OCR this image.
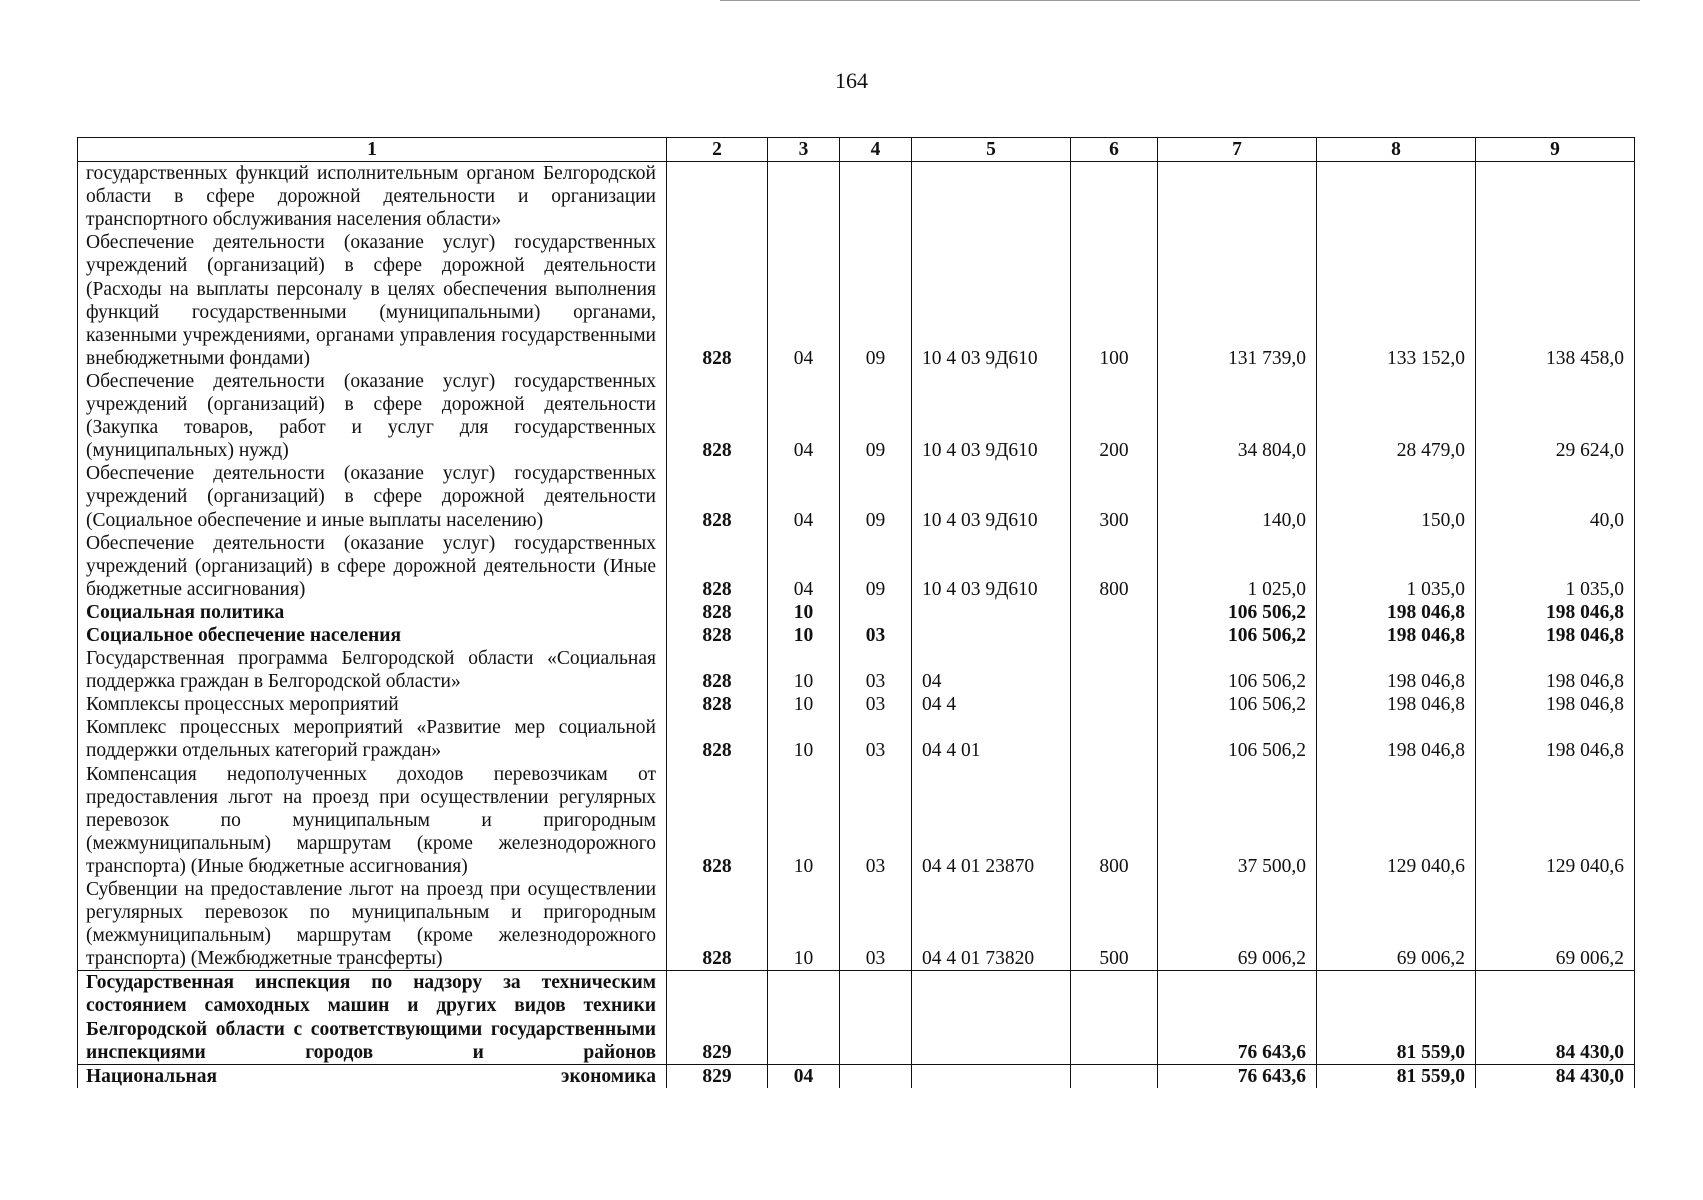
164
1	2	3	4	5	6	7	8	9
государственных функций исполнительным органом Белгородской области в сфере дорожной деятельности и организации транспортного обслуживания населения области»								
Обеспечение деятельности (оказание услуг) государственных учреждений (организаций) в сфере дорожной деятельности (Расходы на выплаты персоналу в целях обеспечения выполнения функций государственными (муниципальными) органами, казенными учреждениями, органами управления государственными внебюджетными фондами)	828	04	09	10 4 03 9Д610	100	131 739,0	133 152,0	138 458,0
Обеспечение деятельности (оказание услуг) государственных учреждений (организаций) в сфере дорожной деятельности (Закупка товаров, работ и услуг для государственных (муниципальных) нужд)	828	04	09	10 4 03 9Д610	200	34 804,0	28 479,0	29 624,0
Обеспечение деятельности (оказание услуг) государственных учреждений (организаций) в сфере дорожной деятельности (Социальное обеспечение и иные выплаты населению)	828	04	09	10 4 03 9Д610	300	140,0	150,0	40,0
Обеспечение деятельности (оказание услуг) государственных учреждений (организаций) в сфере дорожной деятельности (Иные бюджетные ассигнования)	828	04	09	10 4 03 9Д610	800	1 025,0	1 035,0	1 035,0
Социальная политика	828	10				106 506,2	198 046,8	198 046,8
Социальное обеспечение населения	828	10	03			106 506,2	198 046,8	198 046,8
Государственная программа Белгородской области «Социальная поддержка граждан в Белгородской области»	828	10	03	04		106 506,2	198 046,8	198 046,8
Комплексы процессных мероприятий	828	10	03	04 4		106 506,2	198 046,8	198 046,8
Комплекс процессных мероприятий «Развитие мер социальной поддержки отдельных категорий граждан»	828	10	03	04 4 01		106 506,2	198 046,8	198 046,8
Компенсация недополученных доходов перевозчикам от предоставления льгот на проезд при осуществлении регулярных перевозок по муниципальным и пригородным (межмуниципальным) маршрутам (кроме железнодорожного транспорта) (Иные бюджетные ассигнования)	828	10	03	04 4 01 23870	800	37 500,0	129 040,6	129 040,6
Субвенции на предоставление льгот на проезд при осуществлении регулярных перевозок по муниципальным и пригородным (межмуниципальным) маршрутам (кроме железнодорожного транспорта) (Межбюджетные трансферты)	828	10	03	04 4 01 73820	500	69 006,2	69 006,2	69 006,2
Государственная инспекция по надзору за техническим состоянием самоходных машин и других видов техники Белгородской области с соответствующими государственными инспекциями городов и районов	829					76 643,6	81 559,0	84 430,0
Национальная экономика	829	04				76 643,6	81 559,0	84 430,0
